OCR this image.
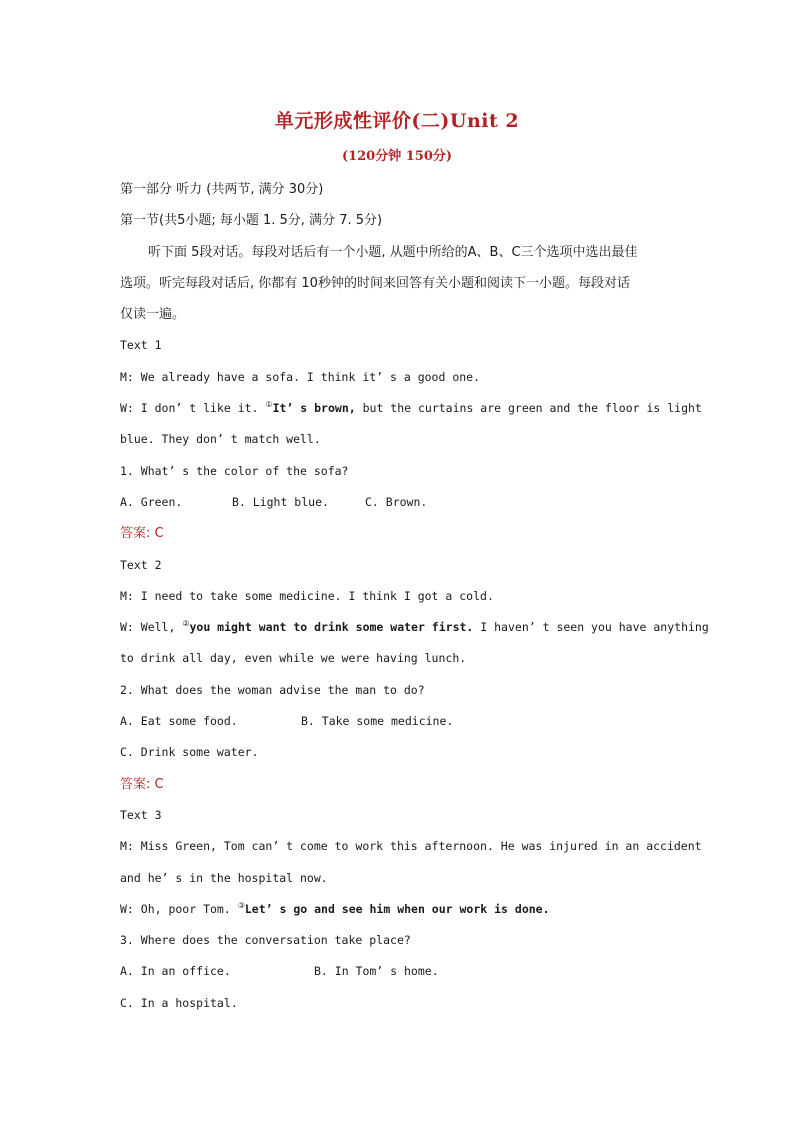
单元形成性评价(二)Unit 2
(120分钟 150分)
第一部分 听力 (共两节, 满分 30分)
第一节(共5小题; 每小题 1. 5分, 满分 7. 5分)
听下面 5段对话。每段对话后有一个小题, 从题中所给的A、B、C三个选项中选出最佳
选项。听完每段对话后, 你都有 10秒钟的时间来回答有关小题和阅读下一小题。每段对话
仅读一遍。
Text 1
M: We already have a sofa. I think it’ s a good one.
W: I don’ t like it. ①It’ s brown, but the curtains are green and the floor is light
blue. They don’ t match well.
1. What’ s the color of the sofa?
A. Green.	B. Light blue.	C. Brown.
答案: C
Text 2
M: I need to take some medicine. I think I got a cold.
W: Well, ②you might want to drink some water first. I haven’ t seen you have anything
to drink all day, even while we were having lunch.
2. What does the woman advise the man to do?
A. Eat some food.	B. Take some medicine.
C. Drink some water.
答案: C
Text 3
M: Miss Green, Tom can’ t come to work this afternoon. He was injured in an accident
and he’ s in the hospital now.
W: Oh, poor Tom. ③Let’ s go and see him when our work is done.
3. Where does the conversation take place?
A. In an office.	B. In Tom’ s home.
C. In a hospital.
